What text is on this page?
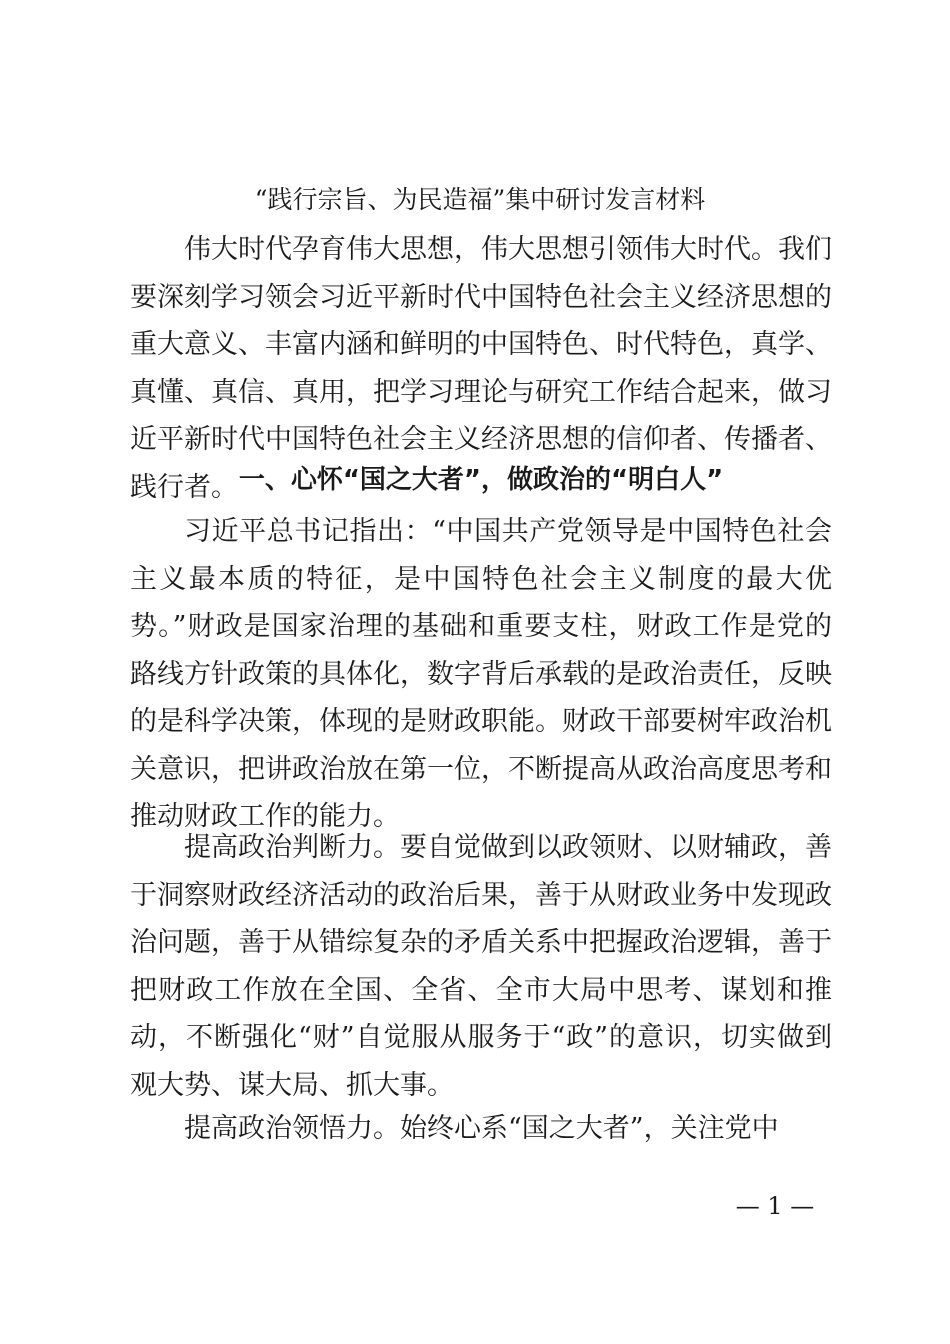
“践行宗旨、为民造福”集中研讨发言材料

伟大时代孕育伟大思想，伟大思想引领伟大时代。我们要深刻学习领会习近平新时代中国特色社会主义经济思想的重大意义、丰富内涵和鲜明的中国特色、时代特色，真学、真懂、真信、真用，把学习理论与研究工作结合起来，做习近平新时代中国特色社会主义经济思想的信仰者、传播者、践行者。 一、心怀“国之大者”，做政治的“明白人”

习近平总书记指出：“中国共产党领导是中国特色社会主义最本质的特征，是中国特色社会主义制度的最大优势。”财政是国家治理的基础和重要支柱，财政工作是党的路线方针政策的具体化，数字背后承载的是政治责任，反映的是科学决策，体现的是财政职能。财政干部要树牢政治机关意识，把讲政治放在第一位，不断提高从政治高度思考和推动财政工作的能力。

提高政治判断力。要自觉做到以政领财、以财辅政，善于洞察财政经济活动的政治后果，善于从财政业务中发现政治问题，善于从错综复杂的矛盾关系中把握政治逻辑，善于把财政工作放在全国、全省、全市大局中思考、谋划和推动，不断强化“财”自觉服从服务于“政”的意识，切实做到观大势、谋大局、抓大事。

提高政治领悟力。始终心系“国之大者”，关注党中

— 1 —
